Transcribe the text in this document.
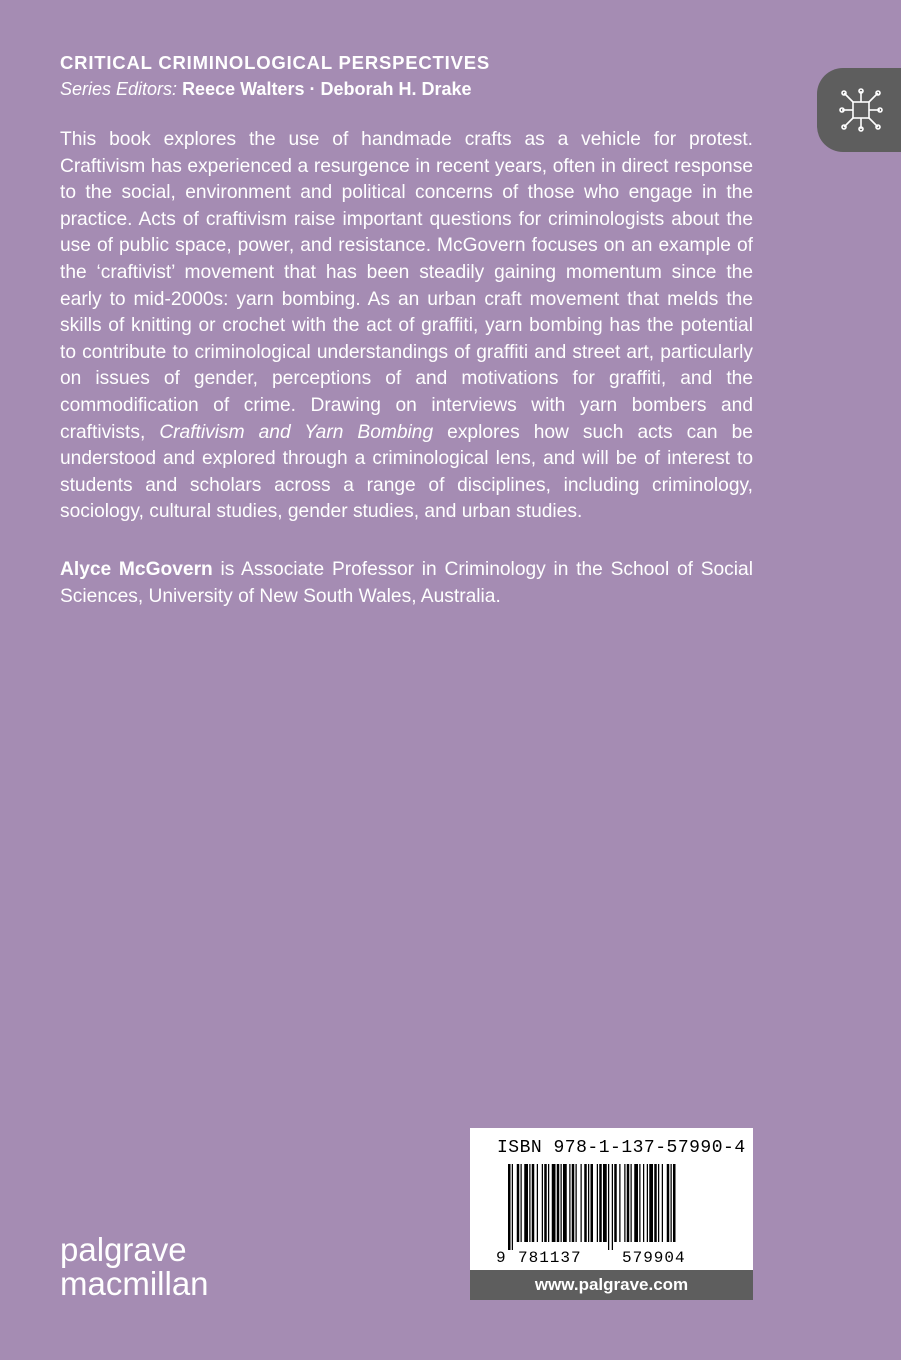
CRITICAL CRIMINOLOGICAL PERSPECTIVES
Series Editors: Reece Walters · Deborah H. Drake

This book explores the use of handmade crafts as a vehicle for protest. Craftivism has experienced a resurgence in recent years, often in direct response to the social, environment and political concerns of those who engage in the practice. Acts of craftivism raise important questions for criminologists about the use of public space, power, and resistance. McGovern focuses on an example of the ‘craftivist’ movement that has been steadily gaining momentum since the early to mid-2000s: yarn bombing. As an urban craft movement that melds the skills of knitting or crochet with the act of graffiti, yarn bombing has the potential to contribute to criminological understandings of graffiti and street art, particularly on issues of gender, perceptions of and motivations for graffiti, and the commodification of crime. Drawing on interviews with yarn bombers and craftivists, Craftivism and Yarn Bombing explores how such acts can be understood and explored through a criminological lens, and will be of interest to students and scholars across a range of disciplines, including criminology, sociology, cultural studies, gender studies, and urban studies.

Alyce McGovern is Associate Professor in Criminology in the School of Social Sciences, University of New South Wales, Australia.

palgrave
macmillan
ISBN 978-1-137-57990-4
9 781137	579904
www.palgrave.com
